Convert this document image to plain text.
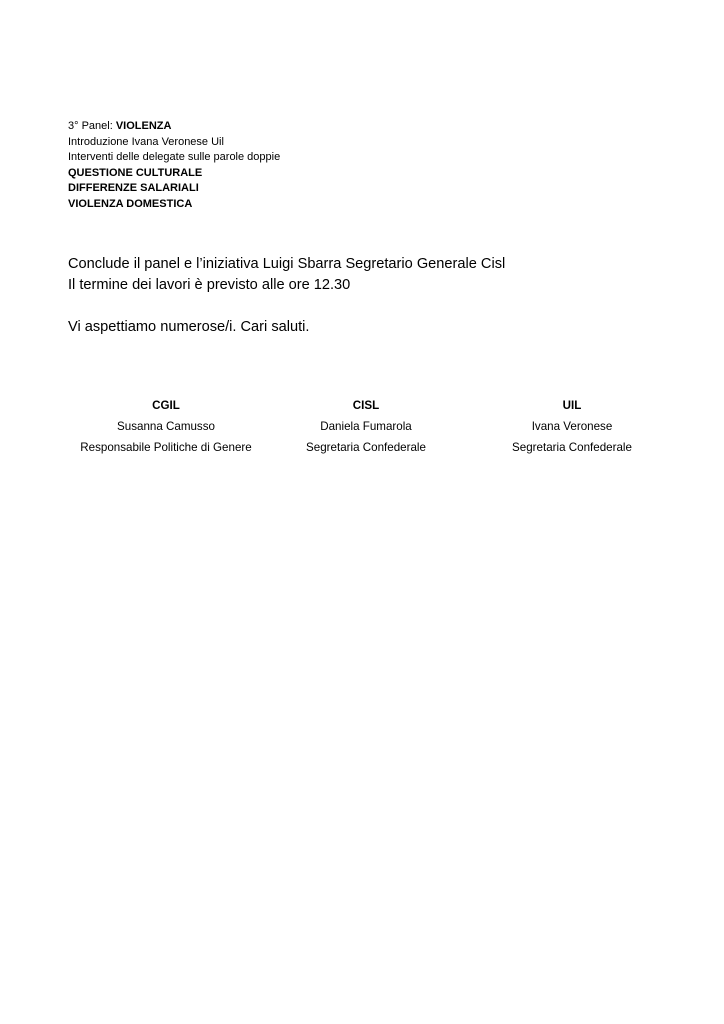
3° Panel: VIOLENZA
Introduzione Ivana Veronese Uil
Interventi delle delegate sulle parole doppie
QUESTIONE CULTURALE
DIFFERENZE SALARIALI
VIOLENZA DOMESTICA
Conclude il panel e l’iniziativa Luigi Sbarra Segretario Generale Cisl
Il termine dei lavori è previsto alle ore 12.30
Vi aspettiamo numerose/i. Cari saluti.
CGIL
Susanna Camusso
Responsabile Politiche di Genere
CISL
Daniela Fumarola
Segretaria Confederale
UIL
Ivana Veronese
Segretaria Confederale
